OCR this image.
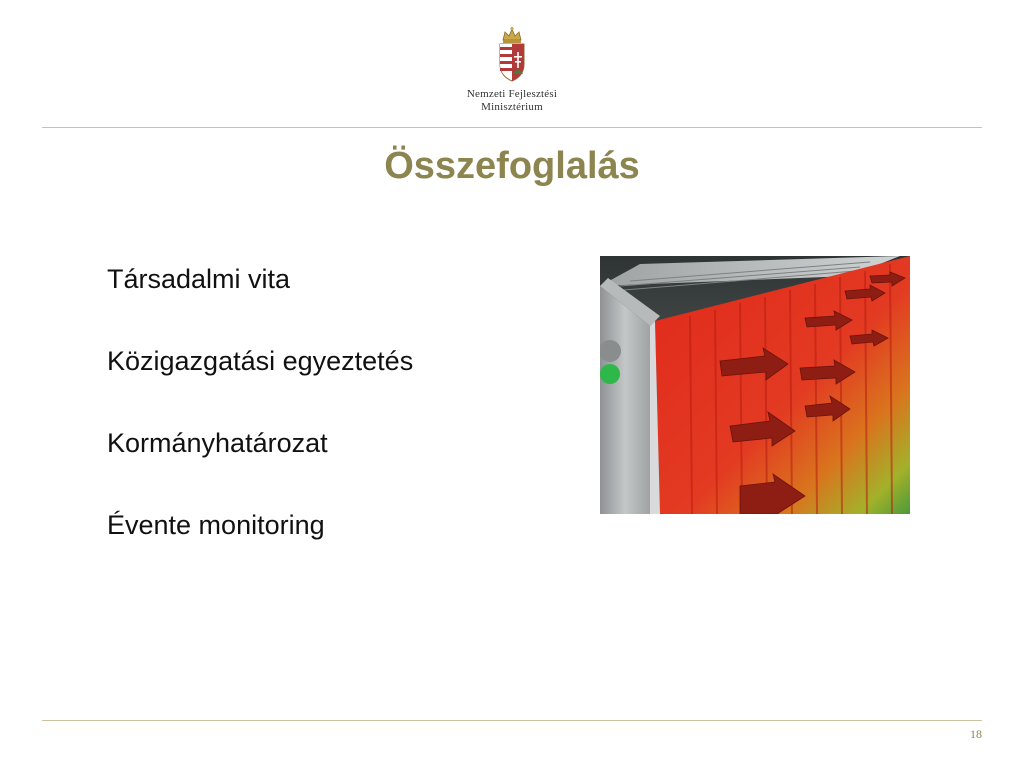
Nemzeti Fejlesztési
Minisztérium
Összefoglalás
Társadalmi vita
Közigazgatási egyeztetés
Kormányhatározat
Évente monitoring
18
